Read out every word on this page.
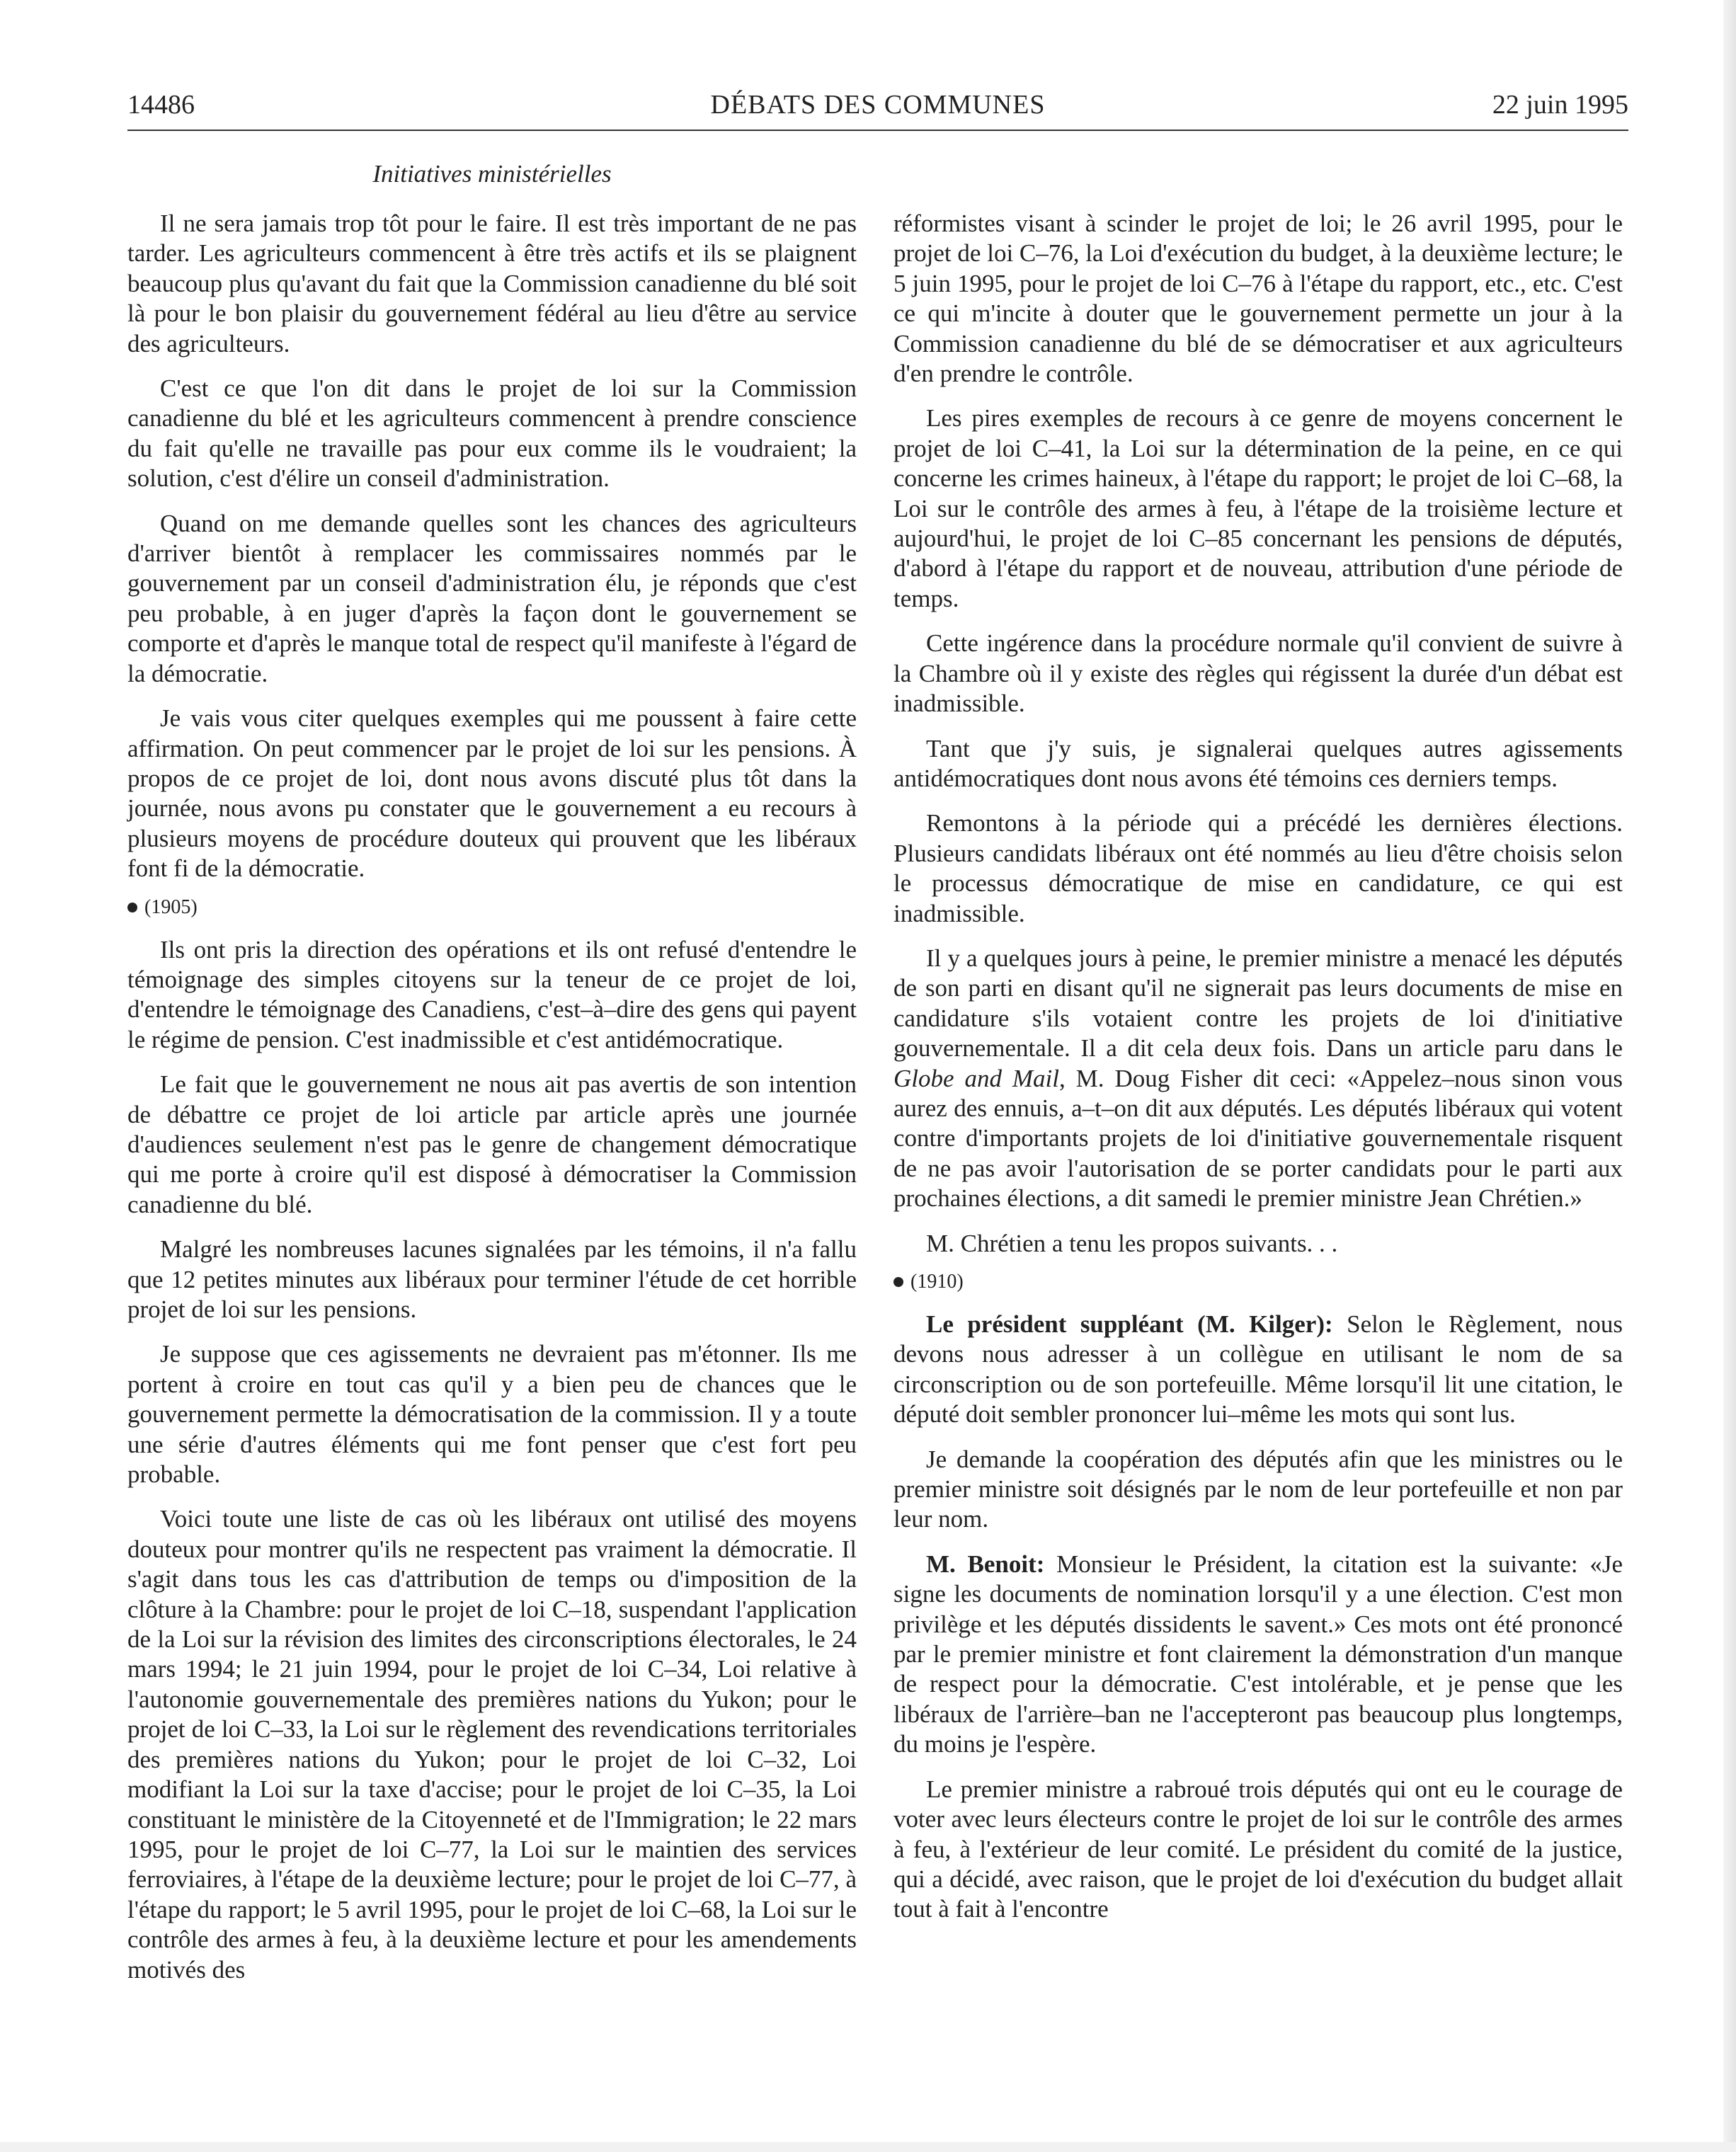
14486	DÉBATS DES COMMUNES	22 juin 1995
Initiatives ministérielles

Il ne sera jamais trop tôt pour le faire. Il est très important de ne pas tarder. Les agriculteurs commencent à être très actifs et ils se plaignent beaucoup plus qu'avant du fait que la Commission canadienne du blé soit là pour le bon plaisir du gouvernement fédéral au lieu d'être au service des agriculteurs.

C'est ce que l'on dit dans le projet de loi sur la Commission canadienne du blé et les agriculteurs commencent à prendre conscience du fait qu'elle ne travaille pas pour eux comme ils le voudraient; la solution, c'est d'élire un conseil d'administration.

Quand on me demande quelles sont les chances des agriculteurs d'arriver bientôt à remplacer les commissaires nommés par le gouvernement par un conseil d'administration élu, je réponds que c'est peu probable, à en juger d'après la façon dont le gouvernement se comporte et d'après le manque total de respect qu'il manifeste à l'égard de la démocratie.

Je vais vous citer quelques exemples qui me poussent à faire cette affirmation. On peut commencer par le projet de loi sur les pensions. À propos de ce projet de loi, dont nous avons discuté plus tôt dans la journée, nous avons pu constater que le gouvernement a eu recours à plusieurs moyens de procédure douteux qui prouvent que les libéraux font fi de la démocratie.

(1905)

Ils ont pris la direction des opérations et ils ont refusé d'entendre le témoignage des simples citoyens sur la teneur de ce projet de loi, d'entendre le témoignage des Canadiens, c'est–à–dire des gens qui payent le régime de pension. C'est inadmissible et c'est antidémocratique.

Le fait que le gouvernement ne nous ait pas avertis de son intention de débattre ce projet de loi article par article après une journée d'audiences seulement n'est pas le genre de changement démocratique qui me porte à croire qu'il est disposé à démocratiser la Commission canadienne du blé.

Malgré les nombreuses lacunes signalées par les témoins, il n'a fallu que 12 petites minutes aux libéraux pour terminer l'étude de cet horrible projet de loi sur les pensions.

Je suppose que ces agissements ne devraient pas m'étonner. Ils me portent à croire en tout cas qu'il y a bien peu de chances que le gouvernement permette la démocratisation de la commission. Il y a toute une série d'autres éléments qui me font penser que c'est fort peu probable.

Voici toute une liste de cas où les libéraux ont utilisé des moyens douteux pour montrer qu'ils ne respectent pas vraiment la démocratie. Il s'agit dans tous les cas d'attribution de temps ou d'imposition de la clôture à la Chambre: pour le projet de loi C–18, suspendant l'application de la Loi sur la révision des limites des circonscriptions électorales, le 24 mars 1994; le 21 juin 1994, pour le projet de loi C–34, Loi relative à l'autonomie gouvernementale des premières nations du Yukon; pour le projet de loi C–33, la Loi sur le règlement des revendications territoriales des premières nations du Yukon; pour le projet de loi C–32, Loi modifiant la Loi sur la taxe d'accise; pour le projet de loi C–35, la Loi constituant le ministère de la Citoyenneté et de l'Immigration; le 22 mars 1995, pour le projet de loi C–77, la Loi sur le maintien des services ferroviaires, à l'étape de la deuxième lecture; pour le projet de loi C–77, à l'étape du rapport; le 5 avril 1995, pour le projet de loi C–68, la Loi sur le contrôle des armes à feu, à la deuxième lecture et pour les amendements motivés des

réformistes visant à scinder le projet de loi; le 26 avril 1995, pour le projet de loi C–76, la Loi d'exécution du budget, à la deuxième lecture; le 5 juin 1995, pour le projet de loi C–76 à l'étape du rapport, etc., etc. C'est ce qui m'incite à douter que le gouvernement permette un jour à la Commission canadienne du blé de se démocratiser et aux agriculteurs d'en prendre le contrôle.

Les pires exemples de recours à ce genre de moyens concernent le projet de loi C–41, la Loi sur la détermination de la peine, en ce qui concerne les crimes haineux, à l'étape du rapport; le projet de loi C–68, la Loi sur le contrôle des armes à feu, à l'étape de la troisième lecture et aujourd'hui, le projet de loi C–85 concernant les pensions de députés, d'abord à l'étape du rapport et de nouveau, attribution d'une période de temps.

Cette ingérence dans la procédure normale qu'il convient de suivre à la Chambre où il y existe des règles qui régissent la durée d'un débat est inadmissible.

Tant que j'y suis, je signalerai quelques autres agissements antidémocratiques dont nous avons été témoins ces derniers temps.

Remontons à la période qui a précédé les dernières élections. Plusieurs candidats libéraux ont été nommés au lieu d'être choisis selon le processus démocratique de mise en candidature, ce qui est inadmissible.

Il y a quelques jours à peine, le premier ministre a menacé les députés de son parti en disant qu'il ne signerait pas leurs documents de mise en candidature s'ils votaient contre les projets de loi d'initiative gouvernementale. Il a dit cela deux fois. Dans un article paru dans le Globe and Mail, M. Doug Fisher dit ceci: «Appelez–nous sinon vous aurez des ennuis, a–t–on dit aux députés. Les députés libéraux qui votent contre d'importants projets de loi d'initiative gouvernementale risquent de ne pas avoir l'autorisation de se porter candidats pour le parti aux prochaines élections, a dit samedi le premier ministre Jean Chrétien.»

M. Chrétien a tenu les propos suivants. . .

(1910)

Le président suppléant (M. Kilger): Selon le Règlement, nous devons nous adresser à un collègue en utilisant le nom de sa circonscription ou de son portefeuille. Même lorsqu'il lit une citation, le député doit sembler prononcer lui–même les mots qui sont lus.

Je demande la coopération des députés afin que les ministres ou le premier ministre soit désignés par le nom de leur portefeuille et non par leur nom.

M. Benoit: Monsieur le Président, la citation est la suivante: «Je signe les documents de nomination lorsqu'il y a une élection. C'est mon privilège et les députés dissidents le savent.» Ces mots ont été prononcé par le premier ministre et font clairement la démonstration d'un manque de respect pour la démocratie. C'est intolérable, et je pense que les libéraux de l'arrière–ban ne l'accepteront pas beaucoup plus longtemps, du moins je l'espère.

Le premier ministre a rabroué trois députés qui ont eu le courage de voter avec leurs électeurs contre le projet de loi sur le contrôle des armes à feu, à l'extérieur de leur comité. Le président du comité de la justice, qui a décidé, avec raison, que le projet de loi d'exécution du budget allait tout à fait à l'encontre
